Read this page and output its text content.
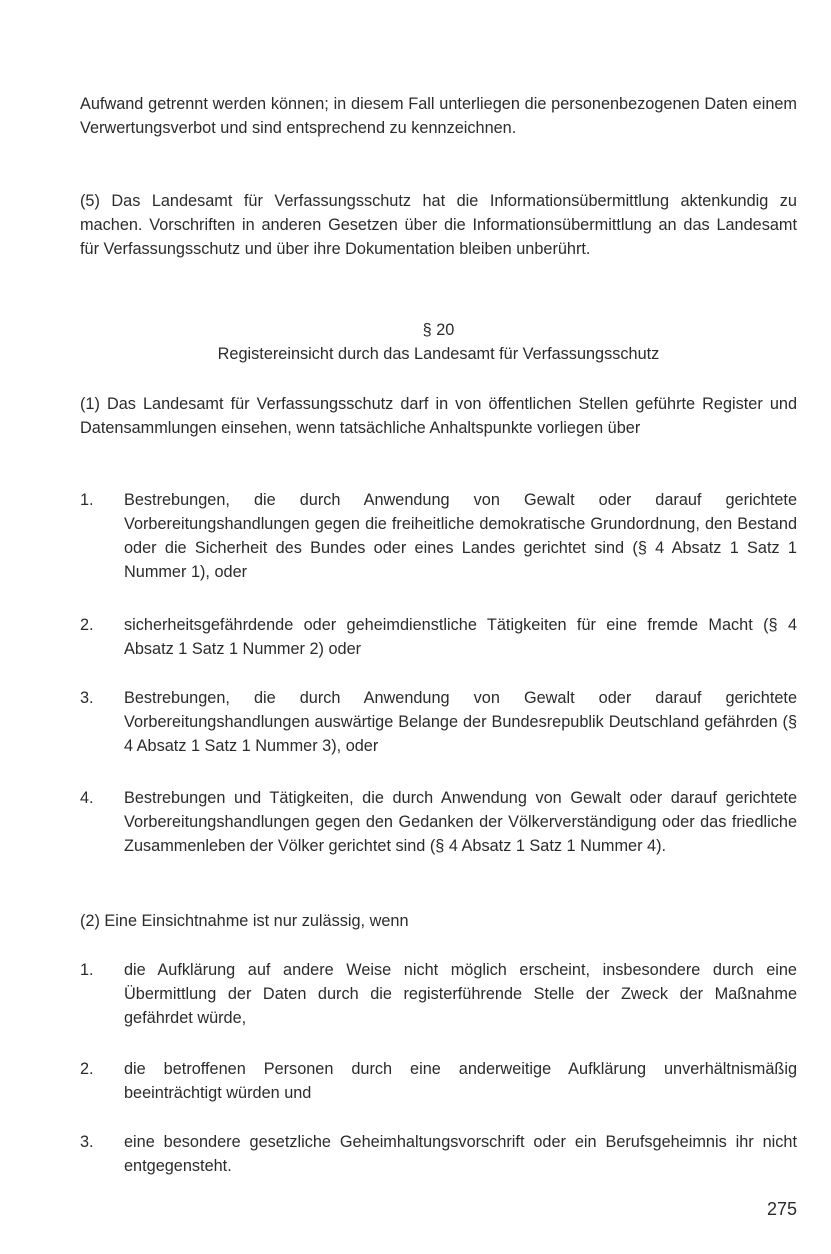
Aufwand getrennt werden können; in diesem Fall unterliegen die personenbezogenen Daten einem Verwertungsverbot und sind entsprechend zu kennzeichnen.

(5) Das Landesamt für Verfassungsschutz hat die Informationsübermittlung aktenkundig zu machen. Vorschriften in anderen Gesetzen über die Informationsübermittlung an das Landesamt für Verfassungsschutz und über ihre Dokumentation bleiben unberührt.

§ 20

Registereinsicht durch das Landesamt für Verfassungsschutz

(1) Das Landesamt für Verfassungsschutz darf in von öffentlichen Stellen geführte Register und Datensammlungen einsehen, wenn tatsächliche Anhaltspunkte vorliegen über

1.	Bestrebungen, die durch Anwendung von Gewalt oder darauf gerichtete Vorbereitungshandlungen gegen die freiheitliche demokratische Grundordnung, den Bestand oder die Sicherheit des Bundes oder eines Landes gerichtet sind (§ 4 Absatz 1 Satz 1 Nummer 1), oder
2.	sicherheitsgefährdende oder geheimdienstliche Tätigkeiten für eine fremde Macht (§ 4 Absatz 1 Satz 1 Nummer 2) oder
3.	Bestrebungen, die durch Anwendung von Gewalt oder darauf gerichtete Vorbereitungshandlungen auswärtige Belange der Bundesrepublik Deutschland gefährden (§ 4 Absatz 1 Satz 1 Nummer 3), oder
4.	Bestrebungen und Tätigkeiten, die durch Anwendung von Gewalt oder darauf gerichtete Vorbereitungshandlungen gegen den Gedanken der Völkerverständigung oder das friedliche Zusammenleben der Völker gerichtet sind (§ 4 Absatz 1 Satz 1 Nummer 4).

(2) Eine Einsichtnahme ist nur zulässig, wenn

1.	die Aufklärung auf andere Weise nicht möglich erscheint, insbesondere durch eine Übermittlung der Daten durch die registerführende Stelle der Zweck der Maßnahme gefährdet würde,
2.	die betroffenen Personen durch eine anderweitige Aufklärung unverhältnismäßig beeinträchtigt würden und
3.	eine besondere gesetzliche Geheimhaltungsvorschrift oder ein Berufsgeheimnis ihr nicht entgegensteht.
275
